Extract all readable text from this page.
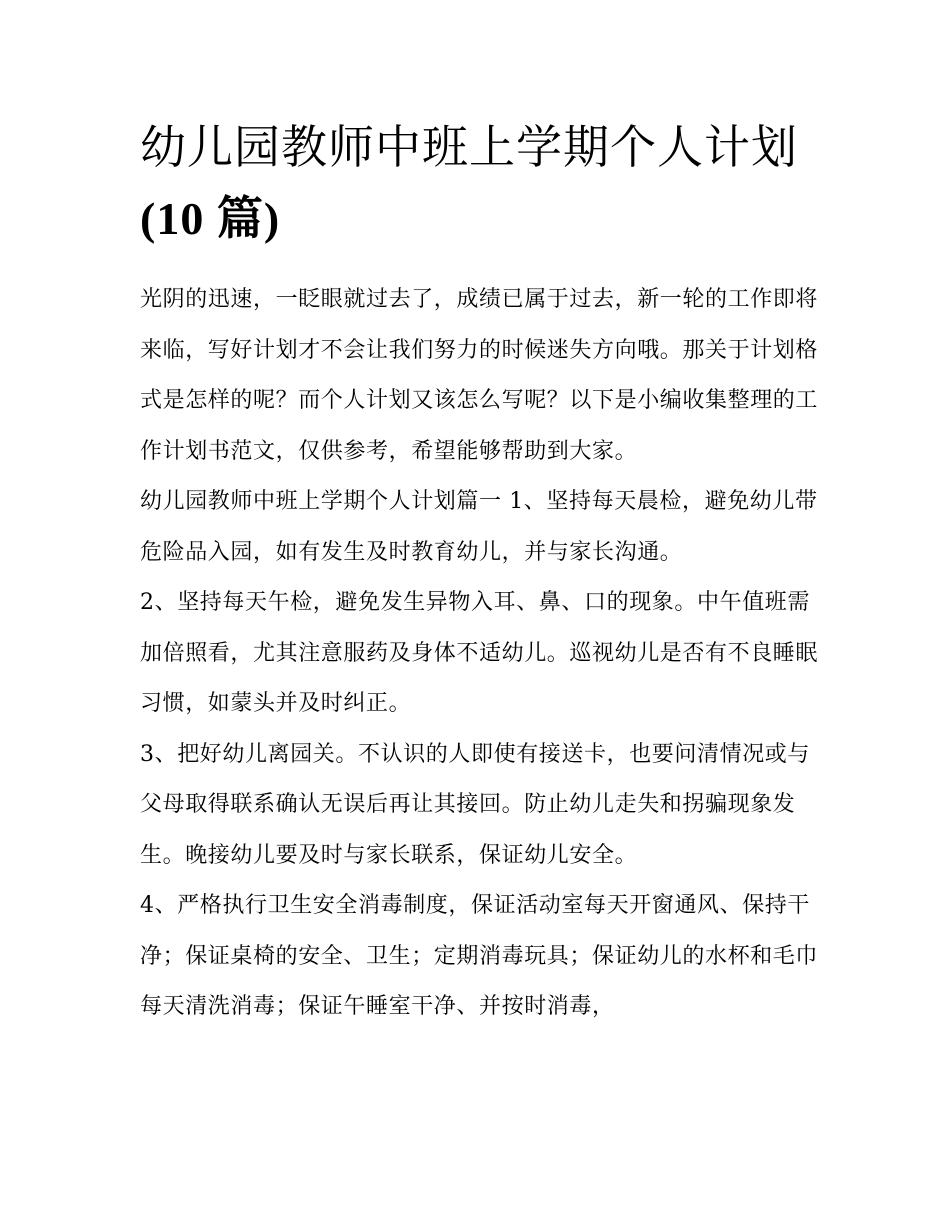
幼儿园教师中班上学期个人计划(10 篇)

光阴的迅速，一眨眼就过去了，成绩已属于过去，新一轮的工作即将来临，写好计划才不会让我们努力的时候迷失方向哦。那关于计划格式是怎样的呢？而个人计划又该怎么写呢？以下是小编收集整理的工作计划书范文，仅供参考，希望能够帮助到大家。

幼儿园教师中班上学期个人计划篇一 1、坚持每天晨检，避免幼儿带危险品入园，如有发生及时教育幼儿，并与家长沟通。

2、坚持每天午检，避免发生异物入耳、鼻、口的现象。中午值班需加倍照看，尤其注意服药及身体不适幼儿。巡视幼儿是否有不良睡眠习惯，如蒙头并及时纠正。

3、把好幼儿离园关。不认识的人即使有接送卡，也要问清情况或与父母取得联系确认无误后再让其接回。防止幼儿走失和拐骗现象发生。晚接幼儿要及时与家长联系，保证幼儿安全。

4、严格执行卫生安全消毒制度，保证活动室每天开窗通风、保持干净；保证桌椅的安全、卫生；定期消毒玩具；保证幼儿的水杯和毛巾每天清洗消毒；保证午睡室干净、并按时消毒，
